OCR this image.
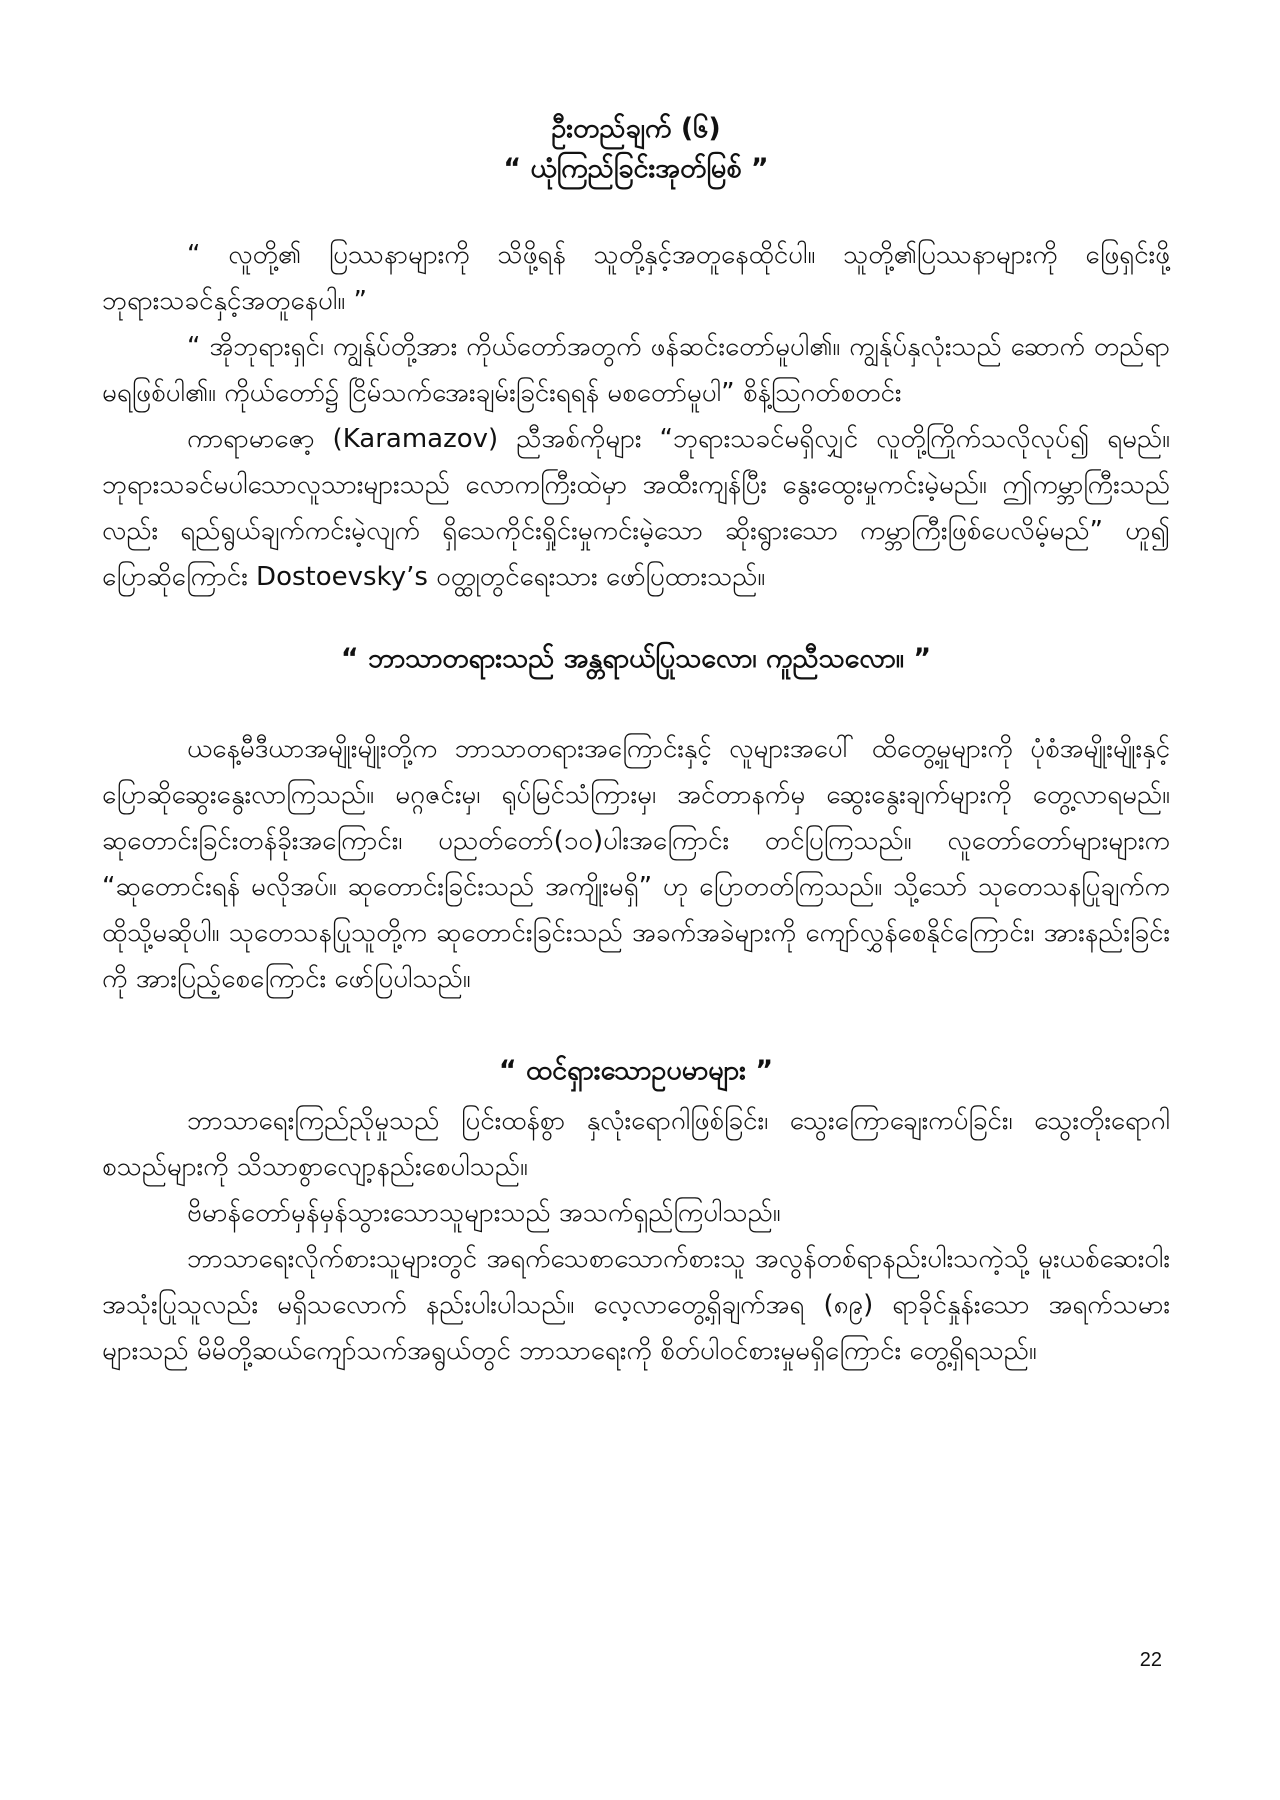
ဦးတည်ချက် (၆)
“ ယုံကြည်ခြင်းအုတ်မြစ် ”

“ လူတို့၏ ပြဿနာများကို သိဖို့ရန် သူတို့နှင့်အတူနေထိုင်ပါ။ သူတို့၏ပြဿနာများကို ဖြေရှင်းဖို့ ဘုရားသခင်နှင့်အတူနေပါ။ ”

“ အိုဘုရားရှင်၊ ကျွန်ုပ်တို့အား ကိုယ်တော်အတွက် ဖန်ဆင်းတော်မူပါ၏။ ကျွန်ုပ်နှလုံးသည် ဆောက် တည်ရာမရဖြစ်ပါ၏။ ကိုယ်တော်၌ ငြိမ်သက်အေးချမ်းခြင်းရရန် မစတော်မူပါ” စိန့်ဩဂတ်စတင်း

ကာရာမာဇော့ (Karamazov) ညီအစ်ကိုများ “ဘုရားသခင်မရှိလျှင် လူတို့ကြိုက်သလိုလုပ်၍ ရမည်။ ဘုရားသခင်မပါသောလူသားများသည် လောကကြီးထဲမှာ အထီးကျန်ပြီး နွေးထွေးမှုကင်းမဲ့မည်။ ဤကမ္ဘာကြီးသည်လည်း ရည်ရွယ်ချက်ကင်းမဲ့လျက် ရှိသေကိုင်းရှိုင်းမှုကင်းမဲ့သော ဆိုးရွားသော ကမ္ဘာကြီးဖြစ်ပေလိမ့်မည်” ဟူ၍ ပြောဆိုကြောင်း Dostoevsky’s ဝတ္ထုတွင်ရေးသား ဖော်ပြထားသည်။

“ ဘာသာတရားသည် အန္တရာယ်ပြုသလော၊ ကူညီသလော။ ”

ယနေ့မီဒီယာအမျိုးမျိုးတို့က ဘာသာတရားအကြောင်းနှင့် လူများအပေါ် ထိတွေ့မှုများကို ပုံစံအမျိုးမျိုးနှင့်ပြောဆိုဆွေးနွေးလာကြသည်။ မဂ္ဂဇင်းမှ၊ ရုပ်မြင်သံကြားမှ၊ အင်တာနက်မှ ဆွေးနွေးချက်များကို တွေ့လာရမည်။ ဆုတောင်းခြင်းတန်ခိုးအကြောင်း၊ ပညတ်တော်(၁၀)ပါးအကြောင်း တင်ပြကြသည်။ လူတော်တော်များများက “ဆုတောင်းရန် မလိုအပ်။ ဆုတောင်းခြင်းသည် အကျိုးမရှိ” ဟု ပြောတတ်ကြသည်။ သို့သော် သုတေသနပြုချက်က ထိုသို့မဆိုပါ။ သုတေသနပြုသူတို့က ဆုတောင်းခြင်းသည် အခက်အခဲများကို ကျော်လွှန်စေနိုင်ကြောင်း၊ အားနည်းခြင်းကို အားပြည့်စေကြောင်း ဖော်ပြပါသည်။

“ ထင်ရှားသောဥပမာများ ”

ဘာသာရေးကြည်ညိုမှုသည် ပြင်းထန်စွာ နှလုံးရောဂါဖြစ်ခြင်း၊ သွေးကြောချေးကပ်ခြင်း၊ သွေးတိုးရောဂါစသည်များကို သိသာစွာလျော့နည်းစေပါသည်။

ဗိမာန်တော်မှန်မှန်သွားသောသူများသည် အသက်ရှည်ကြပါသည်။

ဘာသာရေးလိုက်စားသူများတွင် အရက်သေစာသောက်စားသူ အလွန်တစ်ရာနည်းပါးသကဲ့သို့ မူးယစ်ဆေးဝါး အသုံးပြုသူလည်း မရှိသလောက် နည်းပါးပါသည်။ လေ့လာတွေ့ရှိချက်အရ (၈၉) ရာခိုင်နှုန်းသော အရက်သမားများသည် မိမိတို့ဆယ်ကျော်သက်အရွယ်တွင် ဘာသာရေးကို စိတ်ပါဝင်စားမှုမရှိကြောင်း တွေ့ရှိရသည်။

22
